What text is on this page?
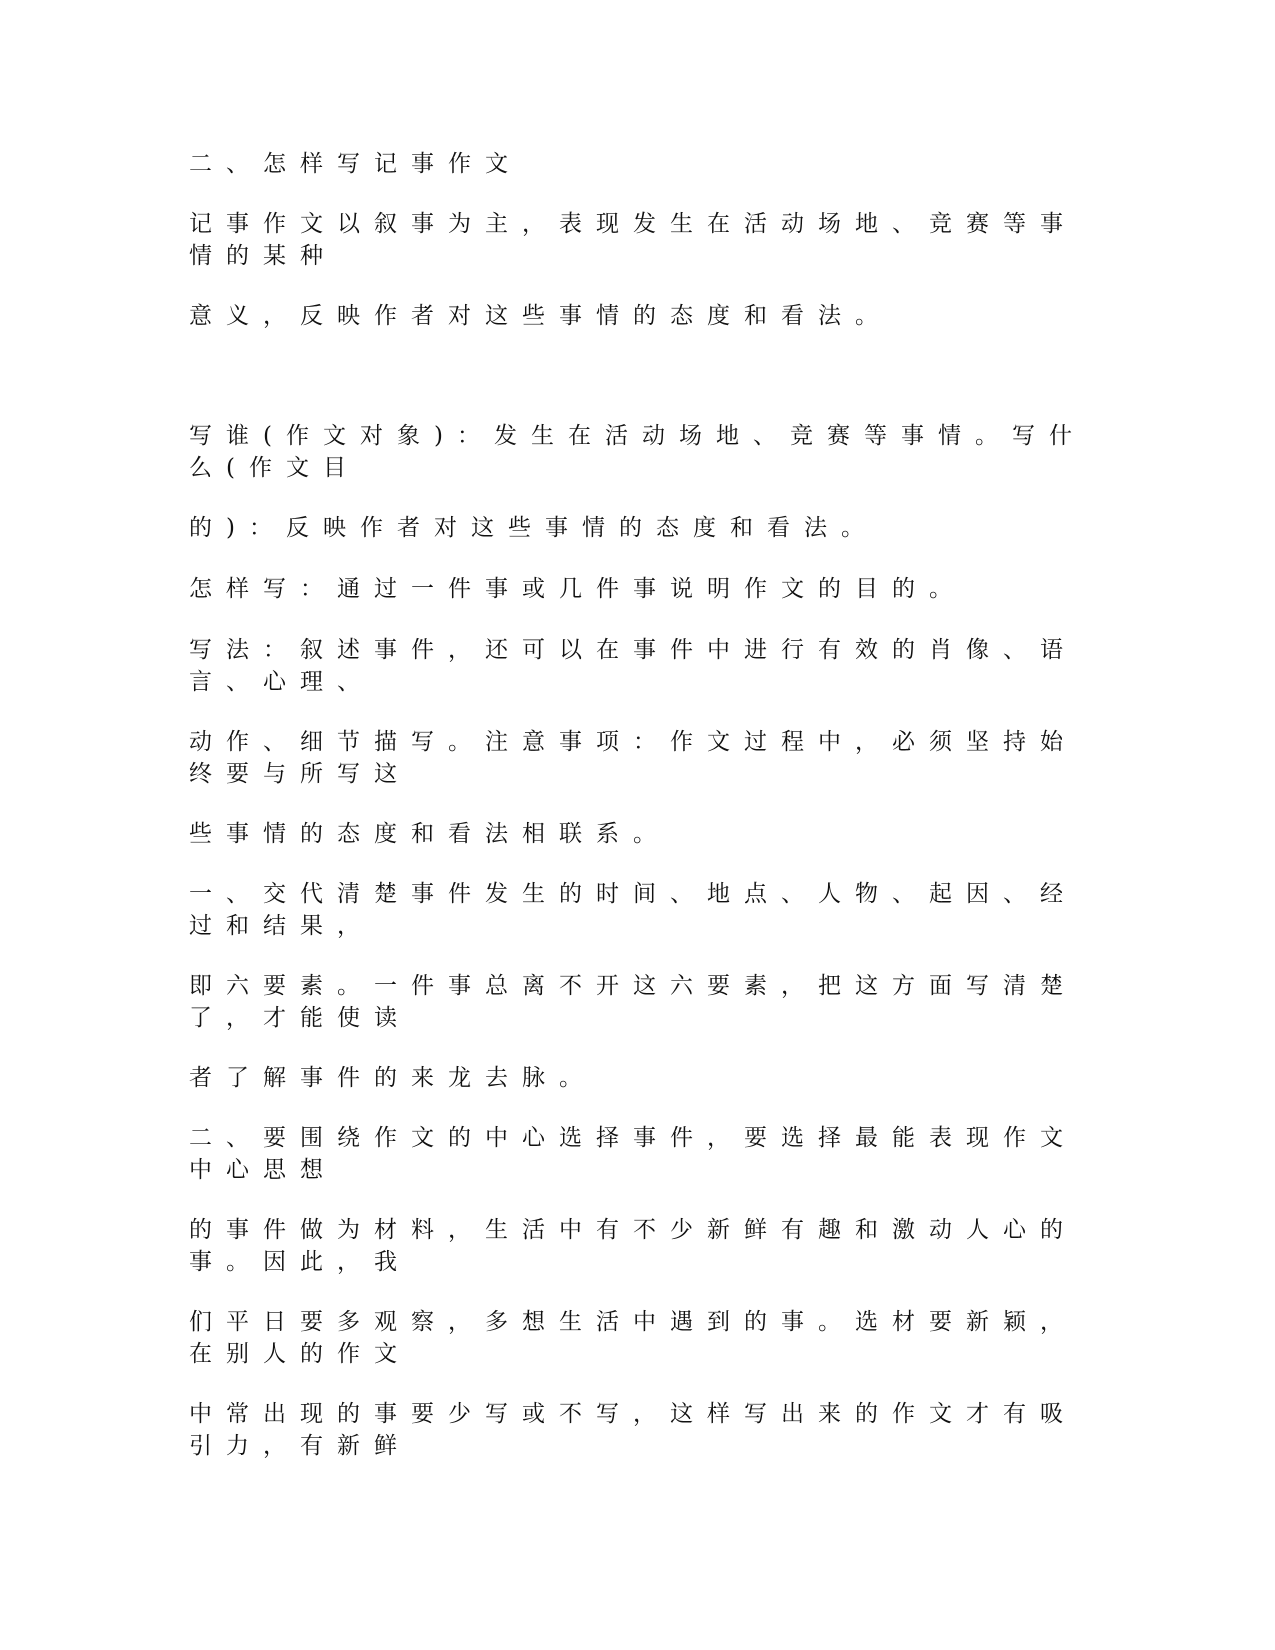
二、怎样写记事作文

记事作文以叙事为主，表现发生在活动场地、竞赛等事
情的某种

意义，反映作者对这些事情的态度和看法。

写谁(作文对象)：发生在活动场地、竞赛等事情。写什
么(作文目

的)：反映作者对这些事情的态度和看法。

怎样写：通过一件事或几件事说明作文的目的。

写法：叙述事件，还可以在事件中进行有效的肖像、语
言、心理、

动作、细节描写。注意事项：作文过程中，必须坚持始
终要与所写这

些事情的态度和看法相联系。

一、交代清楚事件发生的时间、地点、人物、起因、经
过和结果，

即六要素。一件事总离不开这六要素，把这方面写清楚
了，才能使读

者了解事件的来龙去脉。

二、要围绕作文的中心选择事件，要选择最能表现作文
中心思想

的事件做为材料，生活中有不少新鲜有趣和激动人心的
事。因此，我

们平日要多观察，多想生活中遇到的事。选材要新颖，
在别人的作文

中常出现的事要少写或不写，这样写出来的作文才有吸
引力，有新鲜
